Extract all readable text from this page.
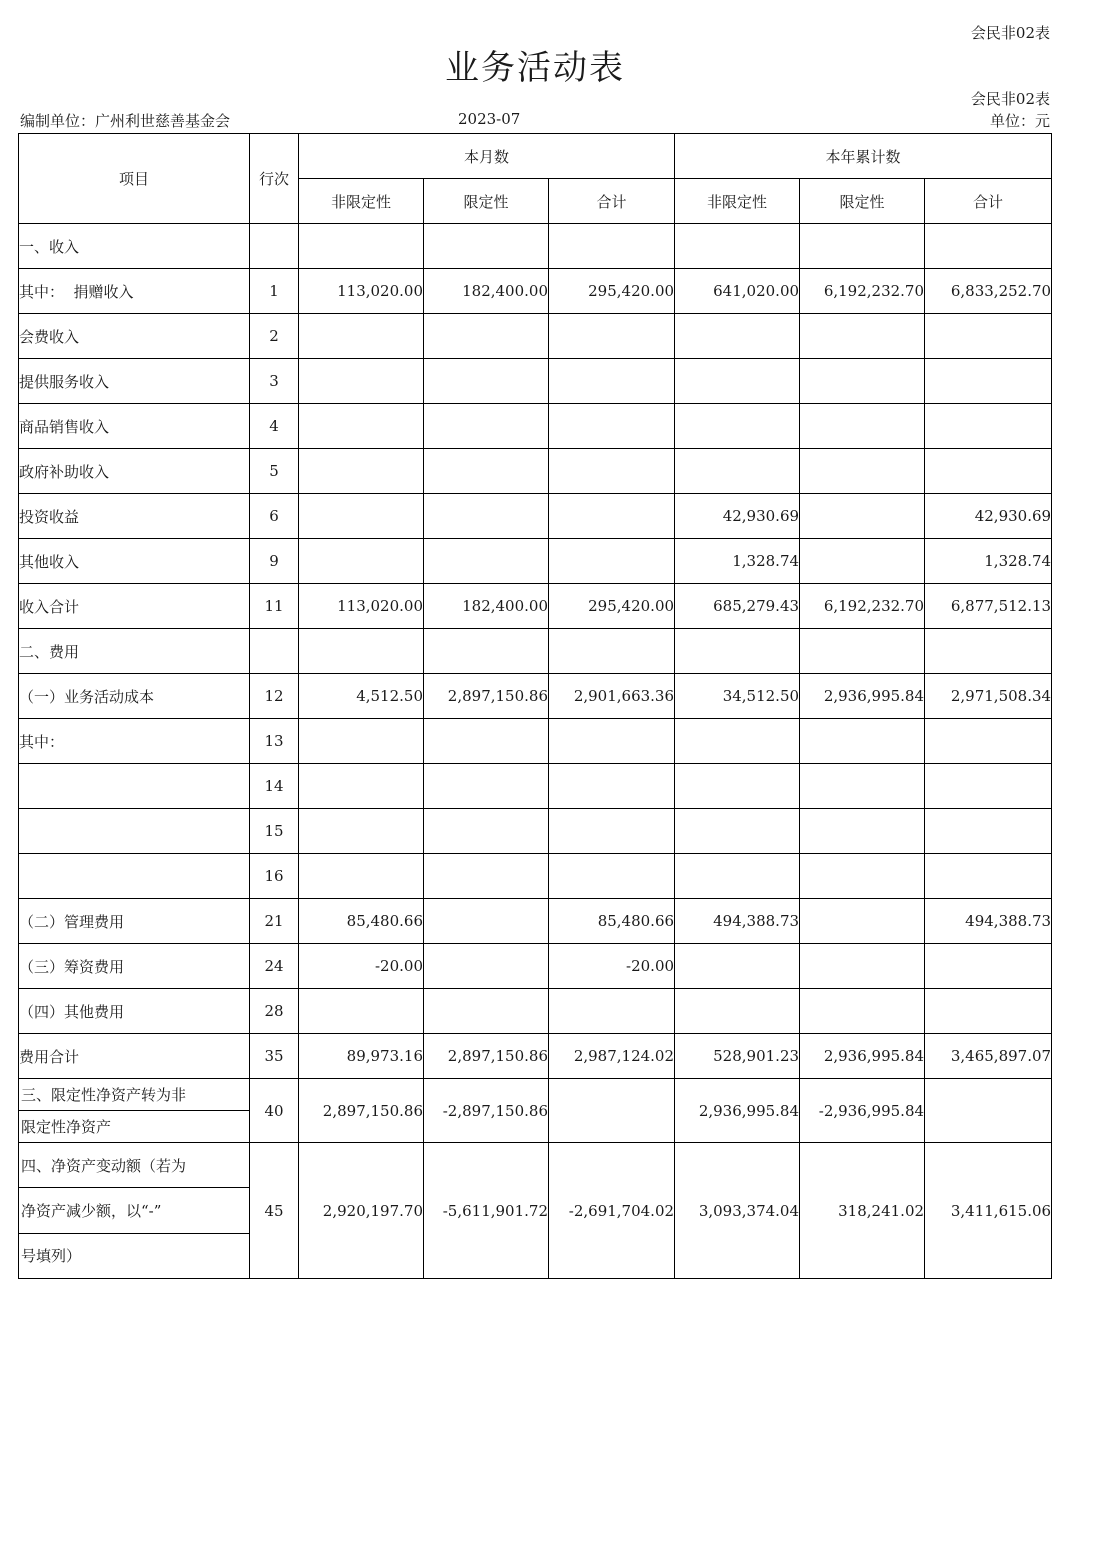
会民非02表
业务活动表
会民非02表
编制单位：广州利世慈善基金会	2023-07	单位：元
项目	行次	本月数			本年累计数		
		非限定性	限定性	合计	非限定性	限定性	合计
一、收入							
其中：  捐赠收入	1	113,020.00	182,400.00	295,420.00	641,020.00	6,192,232.70	6,833,252.70
会费收入	2						
提供服务收入	3						
商品销售收入	4						
政府补助收入	5						
投资收益	6				42,930.69		42,930.69
其他收入	9				1,328.74		1,328.74
收入合计	11	113,020.00	182,400.00	295,420.00	685,279.43	6,192,232.70	6,877,512.13
二、费用							
（一）业务活动成本	12	4,512.50	2,897,150.86	2,901,663.36	34,512.50	2,936,995.84	2,971,508.34
其中：	13						
	14						
	15						
	16						
（二）管理费用	21	85,480.66		85,480.66	494,388.73		494,388.73
（三）筹资费用	24	-20.00		-20.00			
（四）其他费用	28						
费用合计	35	89,973.16	2,897,150.86	2,987,124.02	528,901.23	2,936,995.84	3,465,897.07

三、限定性净资产转为非
限定性净资产	40	2,897,150.86	-2,897,150.86		2,936,995.84	-2,936,995.84	

四、净资产变动额（若为
净资产减少额，以“-”
号填列）	45	2,920,197.70	-5,611,901.72	-2,691,704.02	3,093,374.04	318,241.02	3,411,615.06
